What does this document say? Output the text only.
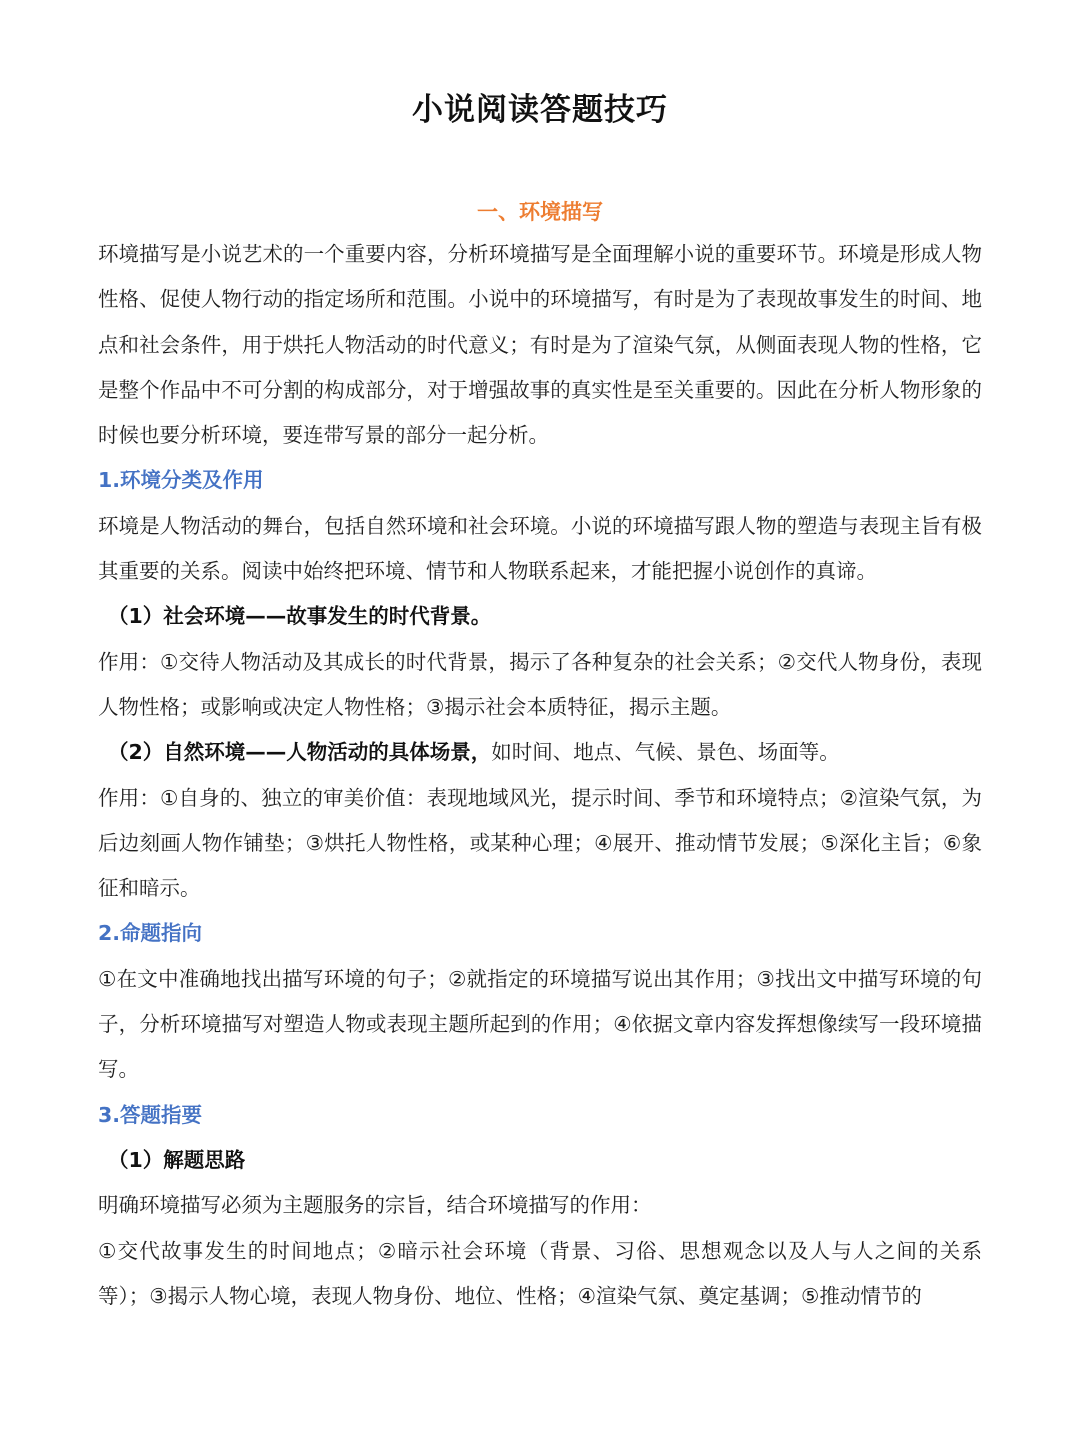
小说阅读答题技巧
一、环境描写

环境描写是小说艺术的一个重要内容，分析环境描写是全面理解小说的重要环节。环境是形成人物性格、促使人物行动的指定场所和范围。小说中的环境描写，有时是为了表现故事发生的时间、地点和社会条件，用于烘托人物活动的时代意义；有时是为了渲染气氛，从侧面表现人物的性格，它是整个作品中不可分割的构成部分，对于增强故事的真实性是至关重要的。因此在分析人物形象的时候也要分析环境，要连带写景的部分一起分析。

1.环境分类及作用

环境是人物活动的舞台，包括自然环境和社会环境。小说的环境描写跟人物的塑造与表现主旨有极其重要的关系。阅读中始终把环境、情节和人物联系起来，才能把握小说创作的真谛。

（1）社会环境——故事发生的时代背景。

作用：①交待人物活动及其成长的时代背景，揭示了各种复杂的社会关系；②交代人物身份，表现人物性格；或影响或决定人物性格；③揭示社会本质特征，揭示主题。

（2）自然环境——人物活动的具体场景，如时间、地点、气候、景色、场面等。

作用：①自身的、独立的审美价值：表现地域风光，提示时间、季节和环境特点；②渲染气氛，为后边刻画人物作铺垫；③烘托人物性格，或某种心理；④展开、推动情节发展；⑤深化主旨；⑥象征和暗示。

2.命题指向

①在文中准确地找出描写环境的句子；②就指定的环境描写说出其作用；③找出文中描写环境的句子，分析环境描写对塑造人物或表现主题所起到的作用；④依据文章内容发挥想像续写一段环境描写。

3.答题指要

（1）解题思路

明确环境描写必须为主题服务的宗旨，结合环境描写的作用：

①交代故事发生的时间地点；②暗示社会环境（背景、习俗、思想观念以及人与人之间的关系等）；③揭示人物心境，表现人物身份、地位、性格；④渲染气氛、奠定基调；⑤推动情节的
